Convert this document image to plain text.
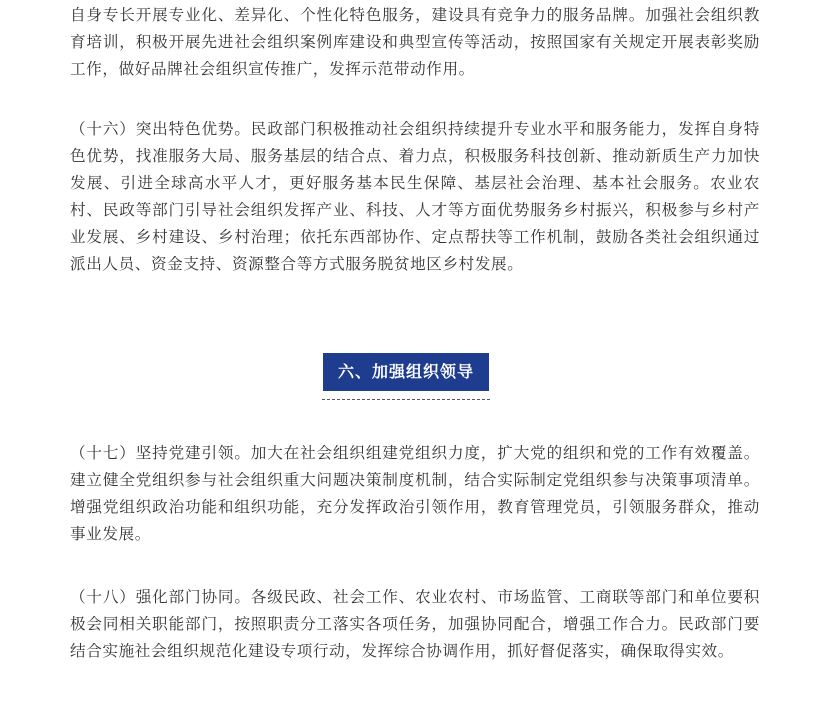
自身专长开展专业化、差异化、个性化特色服务，建设具有竞争力的服务品牌。加强社会组织教育培训，积极开展先进社会组织案例库建设和典型宣传等活动，按照国家有关规定开展表彰奖励工作，做好品牌社会组织宣传推广，发挥示范带动作用。

（十六）突出特色优势。民政部门积极推动社会组织持续提升专业水平和服务能力，发挥自身特色优势，找准服务大局、服务基层的结合点、着力点，积极服务科技创新、推动新质生产力加快发展、引进全球高水平人才，更好服务基本民生保障、基层社会治理、基本社会服务。农业农村、民政等部门引导社会组织发挥产业、科技、人才等方面优势服务乡村振兴，积极参与乡村产业发展、乡村建设、乡村治理；依托东西部协作、定点帮扶等工作机制，鼓励各类社会组织通过派出人员、资金支持、资源整合等方式服务脱贫地区乡村发展。

六、加强组织领导

（十七）坚持党建引领。加大在社会组织组建党组织力度，扩大党的组织和党的工作有效覆盖。建立健全党组织参与社会组织重大问题决策制度机制，结合实际制定党组织参与决策事项清单。增强党组织政治功能和组织功能，充分发挥政治引领作用，教育管理党员，引领服务群众，推动事业发展。

（十八）强化部门协同。各级民政、社会工作、农业农村、市场监管、工商联等部门和单位要积极会同相关职能部门，按照职责分工落实各项任务，加强协同配合，增强工作合力。民政部门要结合实施社会组织规范化建设专项行动，发挥综合协调作用，抓好督促落实，确保取得实效。
